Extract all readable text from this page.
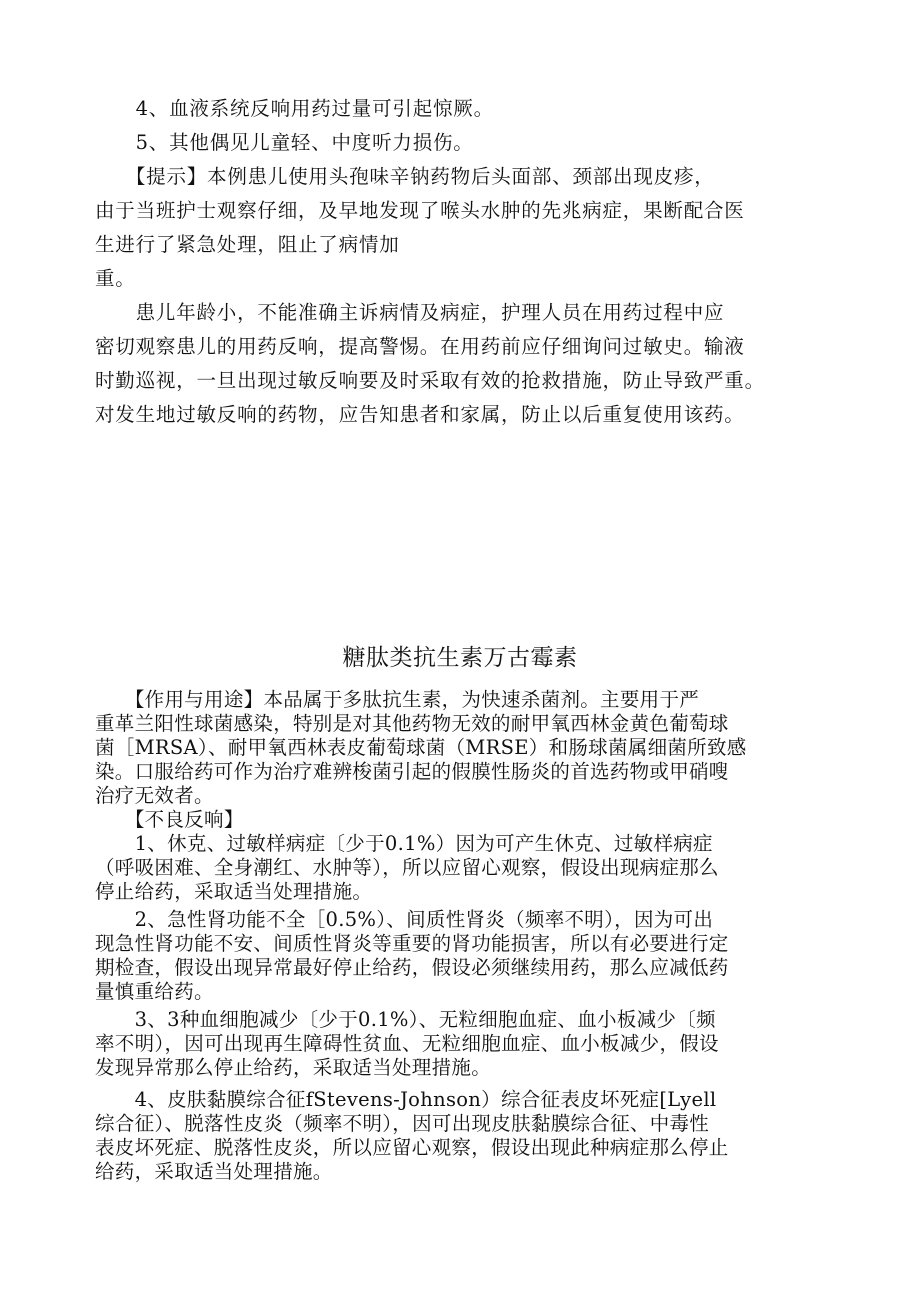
　　4、血液系统反响用药过量可引起惊厥。
　　5、其他偶见儿童轻、中度听力损伤。
　　【提示】本例患儿使用头孢味辛钠药物后头面部、颈部出现皮疹，
由于当班护士观察仔细，及早地发现了喉头水肿的先兆病症，果断配合医
生进行了紧急处理，阻止了病情加
重。
　　患儿年龄小，不能准确主诉病情及病症，护理人员在用药过程中应
密切观察患儿的用药反响，提高警惕。在用药前应仔细询问过敏史。输液
时勤巡视，一旦出现过敏反响要及时采取有效的抢救措施，防止导致严重。
对发生地过敏反响的药物，应告知患者和家属，防止以后重复使用该药。
糖肽类抗生素万古霉素
　　【作用与用途】本品属于多肽抗生素，为快速杀菌剂。主要用于严
重革兰阳性球菌感染，特别是对其他药物无效的耐甲氧西林金黄色葡萄球
菌［MRSA）、耐甲氧西林表皮葡萄球菌（MRSE）和肠球菌属细菌所致感
染。口服给药可作为治疗难辨梭菌引起的假膜性肠炎的首选药物或甲硝嗖
治疗无效者。
　　【不良反响】
　　1、休克、过敏样病症〔少于0.1%）因为可产生休克、过敏样病症
（呼吸困难、全身潮红、水肿等），所以应留心观察，假设出现病症那么
停止给药，采取适当处理措施。
　　2、急性肾功能不全［0.5%）、间质性肾炎（频率不明），因为可出
现急性肾功能不安、间质性肾炎等重要的肾功能损害，所以有必要进行定
期检查，假设出现异常最好停止给药，假设必须继续用药，那么应减低药
量慎重给药。
　　3、3种血细胞减少〔少于0.1%）、无粒细胞血症、血小板减少〔频
率不明），因可出现再生障碍性贫血、无粒细胞血症、血小板减少，假设
发现异常那么停止给药，采取适当处理措施。
　　4、皮肤黏膜综合征fStevens-Johnson）综合征表皮坏死症[Lyell
综合征）、脱落性皮炎（频率不明），因可出现皮肤黏膜综合征、中毒性
表皮坏死症、脱落性皮炎，所以应留心观察，假设出现此种病症那么停止
给药，采取适当处理措施。
